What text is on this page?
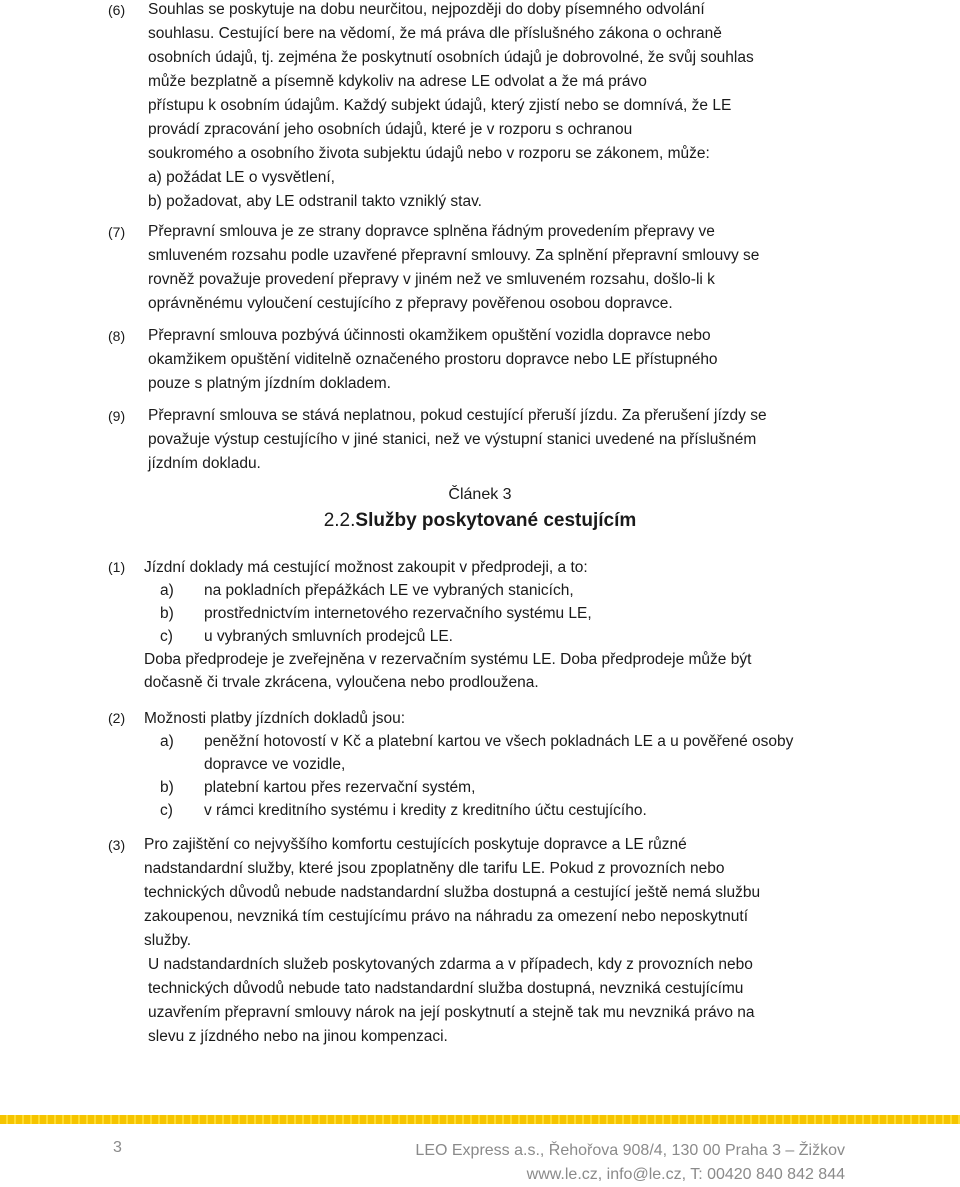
(6) Souhlas se poskytuje na dobu neurčitou, nejpozději do doby písemného odvolání
souhlasu. Cestující bere na vědomí, že má práva dle příslušného zákona o ochraně
osobních údajů, tj. zejména že poskytnutí osobních údajů je dobrovolné, že svůj souhlas
může bezplatně a písemně kdykoliv na adrese LE odvolat a že má právo
přístupu k osobním údajům. Každý subjekt údajů, který zjistí nebo se domnívá, že LE
provádí zpracování jeho osobních údajů, které je v rozporu s ochranou
soukromého a osobního života subjektu údajů nebo v rozporu se zákonem, může:
a) požádat LE o vysvětlení,
b) požadovat, aby LE odstranil takto vzniklý stav.
(7) Přepravní smlouva je ze strany dopravce splněna řádným provedením přepravy ve
smluveném rozsahu podle uzavřené přepravní smlouvy. Za splnění přepravní smlouvy se
rovněž považuje provedení přepravy v jiném než ve smluveném rozsahu, došlo-li k
oprávněnému vyloučení cestujícího z přepravy pověřenou osobou dopravce.
(8) Přepravní smlouva pozbývá účinnosti okamžikem opuštění vozidla dopravce nebo
okamžikem opuštění viditelně označeného prostoru dopravce nebo LE přístupného
pouze s platným jízdním dokladem.
(9) Přepravní smlouva se stává neplatnou, pokud cestující přeruší jízdu. Za přerušení jízdy se
považuje výstup cestujícího v jiné stanici, než ve výstupní stanici uvedené na příslušném
jízdním dokladu.
Článek 3
2.2.Služby poskytované cestujícím
(1) Jízdní doklady má cestující možnost zakoupit v předprodeji, a to:
a) na pokladních přepážkách LE ve vybraných stanicích,
b) prostřednictvím internetového rezervačního systému LE,
c) u vybraných smluvních prodejců LE.
Doba předprodeje je zveřejněna v rezervačním systému LE. Doba předprodeje může být
dočasně či trvale zkrácena, vyloučena nebo prodloužena.
(2) Možnosti platby jízdních dokladů jsou:
a) peněžní hotovostí v Kč a platební kartou ve všech pokladnách LE a u pověřené osoby dopravce ve vozidle,
b) platební kartou přes rezervační systém,
c) v rámci kreditního systému i kredity z kreditního účtu cestujícího.
(3) Pro zajištění co nejvyššího komfortu cestujících poskytuje dopravce a LE různé
nadstandardní služby, které jsou zpoplatněny dle tarifu LE. Pokud z provozních nebo
technických důvodů nebude nadstandardní služba dostupná a cestující ještě nemá službu
zakoupenou, nevzniká tím cestujícímu právo na náhradu za omezení nebo neposkytnutí
služby.
U nadstandardních služeb poskytovaných zdarma a v případech, kdy z provozních nebo
technických důvodů nebude tato nadstandardní služba dostupná, nevzniká cestujícímu
uzavřením přepravní smlouvy nárok na její poskytnutí a stejně tak mu nevzniká právo na
slevu z jízdného nebo na jinou kompenzaci.
3	LEO Express a.s., Řehořova 908/4, 130 00 Praha 3 – Žižkov
www.le.cz, info@le.cz, T: 00420 840 842 844
